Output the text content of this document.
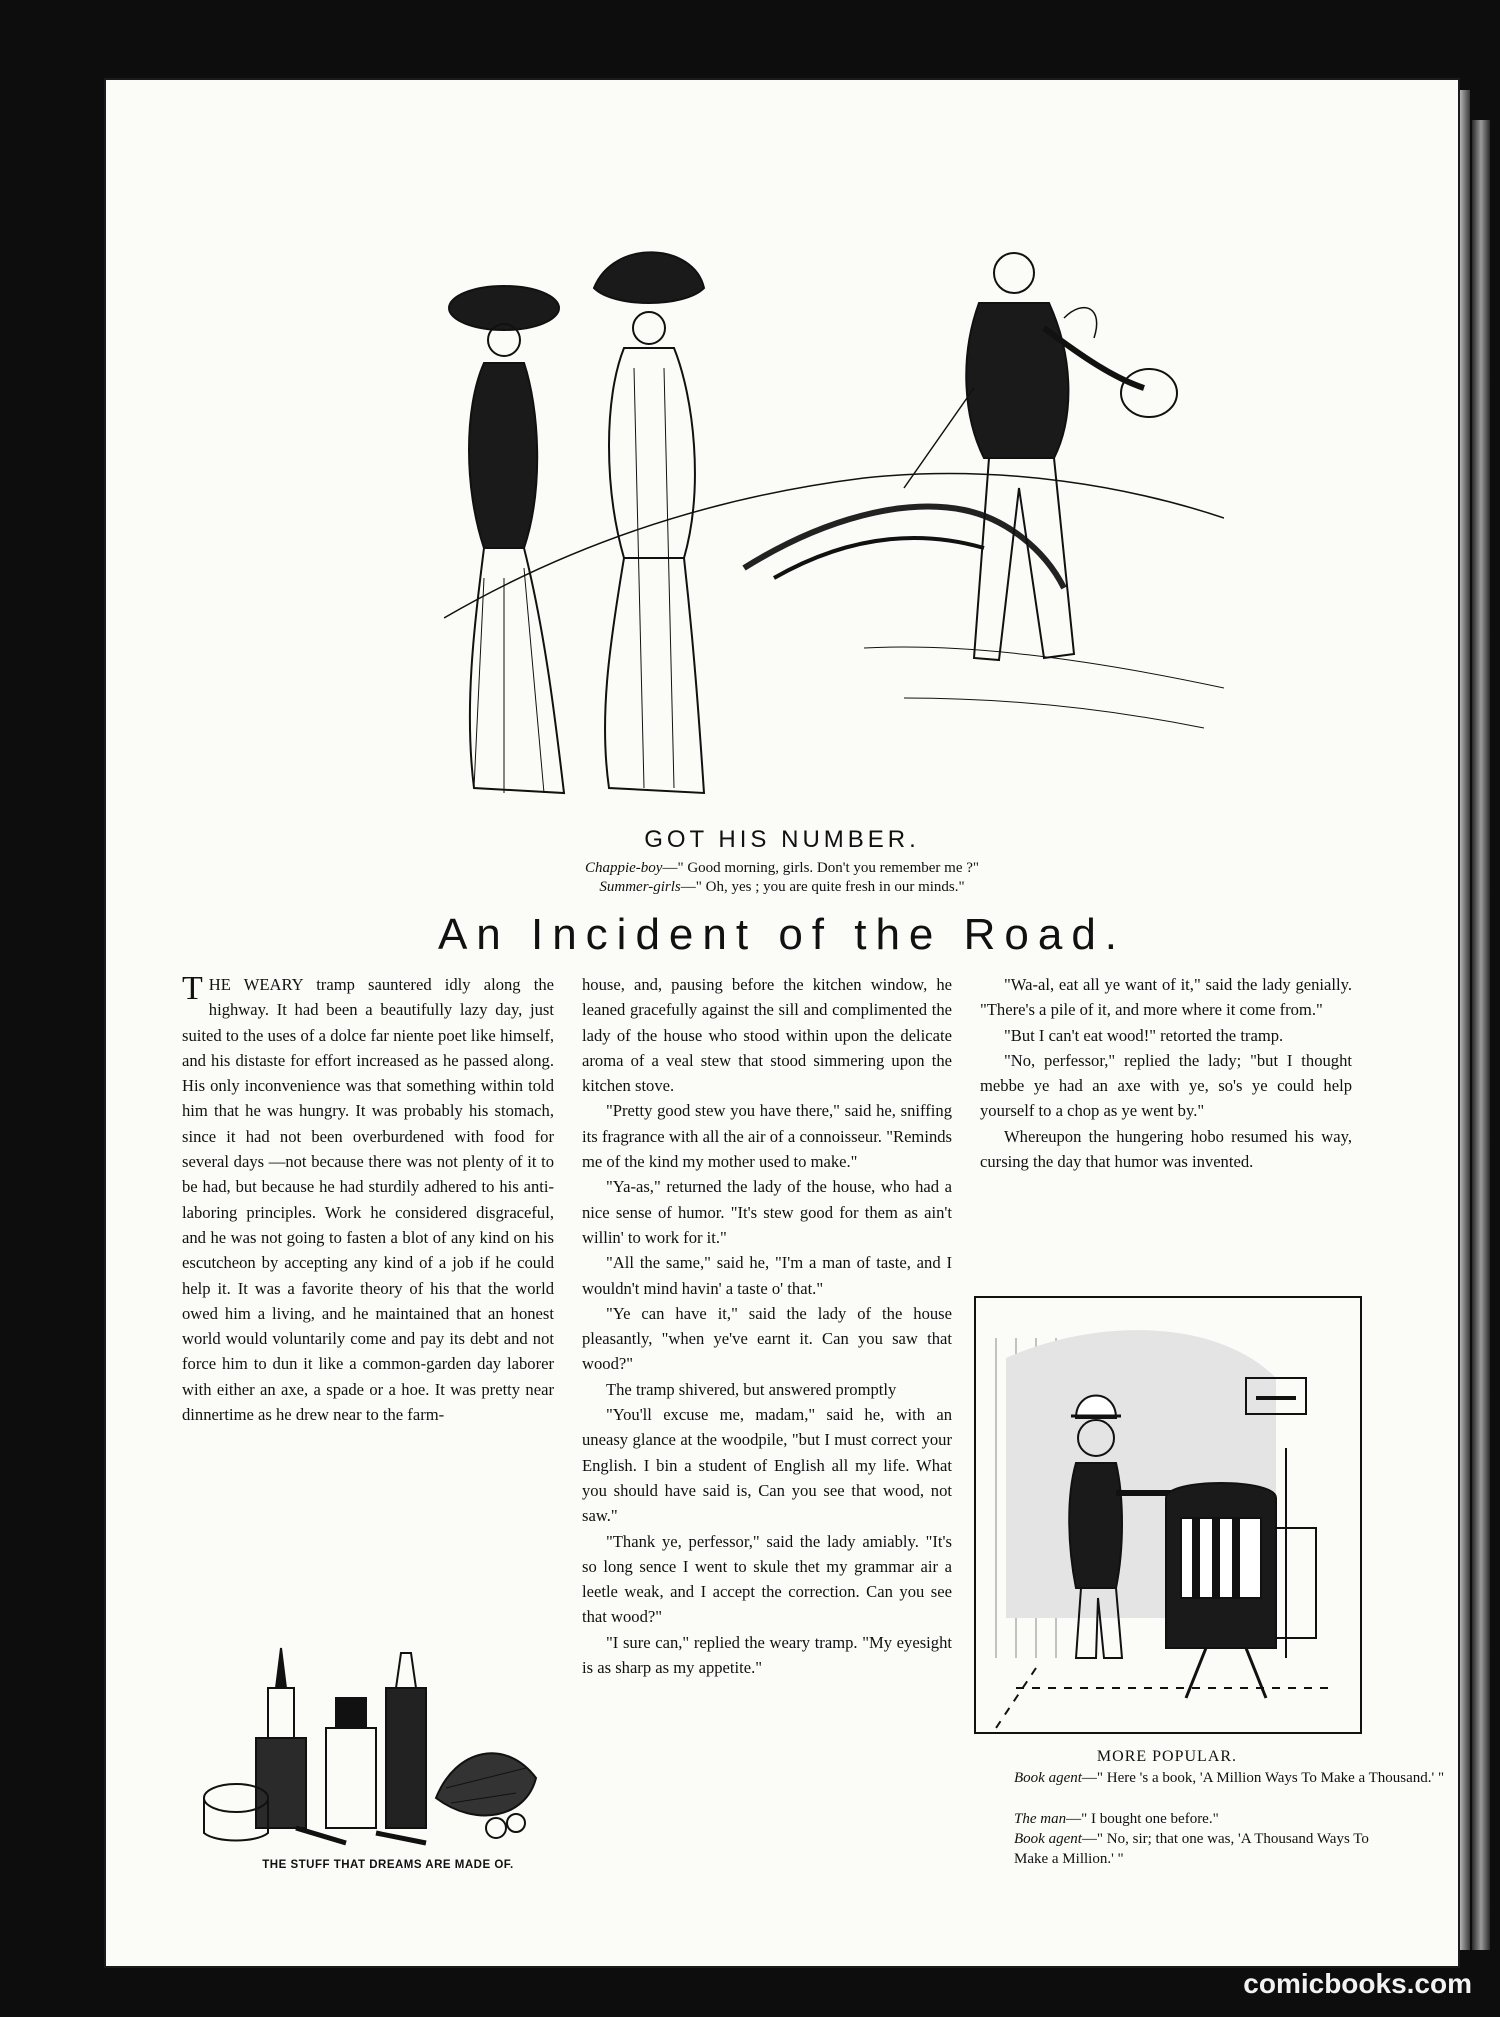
GOT HIS NUMBER.
Chappie-boy—" Good morning, girls. Don't you remember me ?"
Summer-girls—" Oh, yes ; you are quite fresh in our minds."
An Incident of the Road.

THE WEARY tramp sauntered idly along the highway. It had been a beautifully lazy day, just suited to the uses of a dolce far niente poet like himself, and his distaste for effort increased as he passed along. His only inconvenience was that something within told him that he was hungry. It was probably his stomach, since it had not been overburdened with food for several days —not because there was not plenty of it to be had, but because he had sturdily adhered to his anti-laboring principles. Work he considered disgraceful, and he was not going to fasten a blot of any kind on his escutcheon by accepting any kind of a job if he could help it. It was a favorite theory of his that the world owed him a living, and he maintained that an honest world would voluntarily come and pay its debt and not force him to dun it like a common-garden day laborer with either an axe, a spade or a hoe. It was pretty near dinnertime as he drew near to the farm-

house, and, pausing before the kitchen window, he leaned gracefully against the sill and complimented the lady of the house who stood within upon the delicate aroma of a veal stew that stood simmering upon the kitchen stove.

"Pretty good stew you have there," said he, sniffing its fragrance with all the air of a connoisseur. "Reminds me of the kind my mother used to make."

"Ya-as," returned the lady of the house, who had a nice sense of humor. "It's stew good for them as ain't willin' to work for it."

"All the same," said he, "I'm a man of taste, and I wouldn't mind havin' a taste o' that."

"Ye can have it," said the lady of the house pleasantly, "when ye've earnt it. Can you saw that wood?"

The tramp shivered, but answered promptly

"You'll excuse me, madam," said he, with an uneasy glance at the woodpile, "but I must correct your English. I bin a student of English all my life. What you should have said is, Can you see that wood, not saw."

"Thank ye, perfessor," said the lady amiably. "It's so long sence I went to skule thet my grammar air a leetle weak, and I accept the correction. Can you see that wood?"

"I sure can," replied the weary tramp. "My eyesight is as sharp as my appetite."

"Wa-al, eat all ye want of it," said the lady genially. "There's a pile of it, and more where it come from."

"But I can't eat wood!" retorted the tramp.

"No, perfessor," replied the lady; "but I thought mebbe ye had an axe with ye, so's ye could help yourself to a chop as ye went by."

Whereupon the hungering hobo resumed his way, cursing the day that humor was invented.

THE STUFF THAT DREAMS ARE MADE OF.
MORE POPULAR.
Book agent—" Here 's a book, 'A Million Ways To Make a Thousand.' "
The man—" I bought one before."
Book agent—" No, sir; that one was, 'A Thousand Ways To Make a Million.' "
comicbooks.com
